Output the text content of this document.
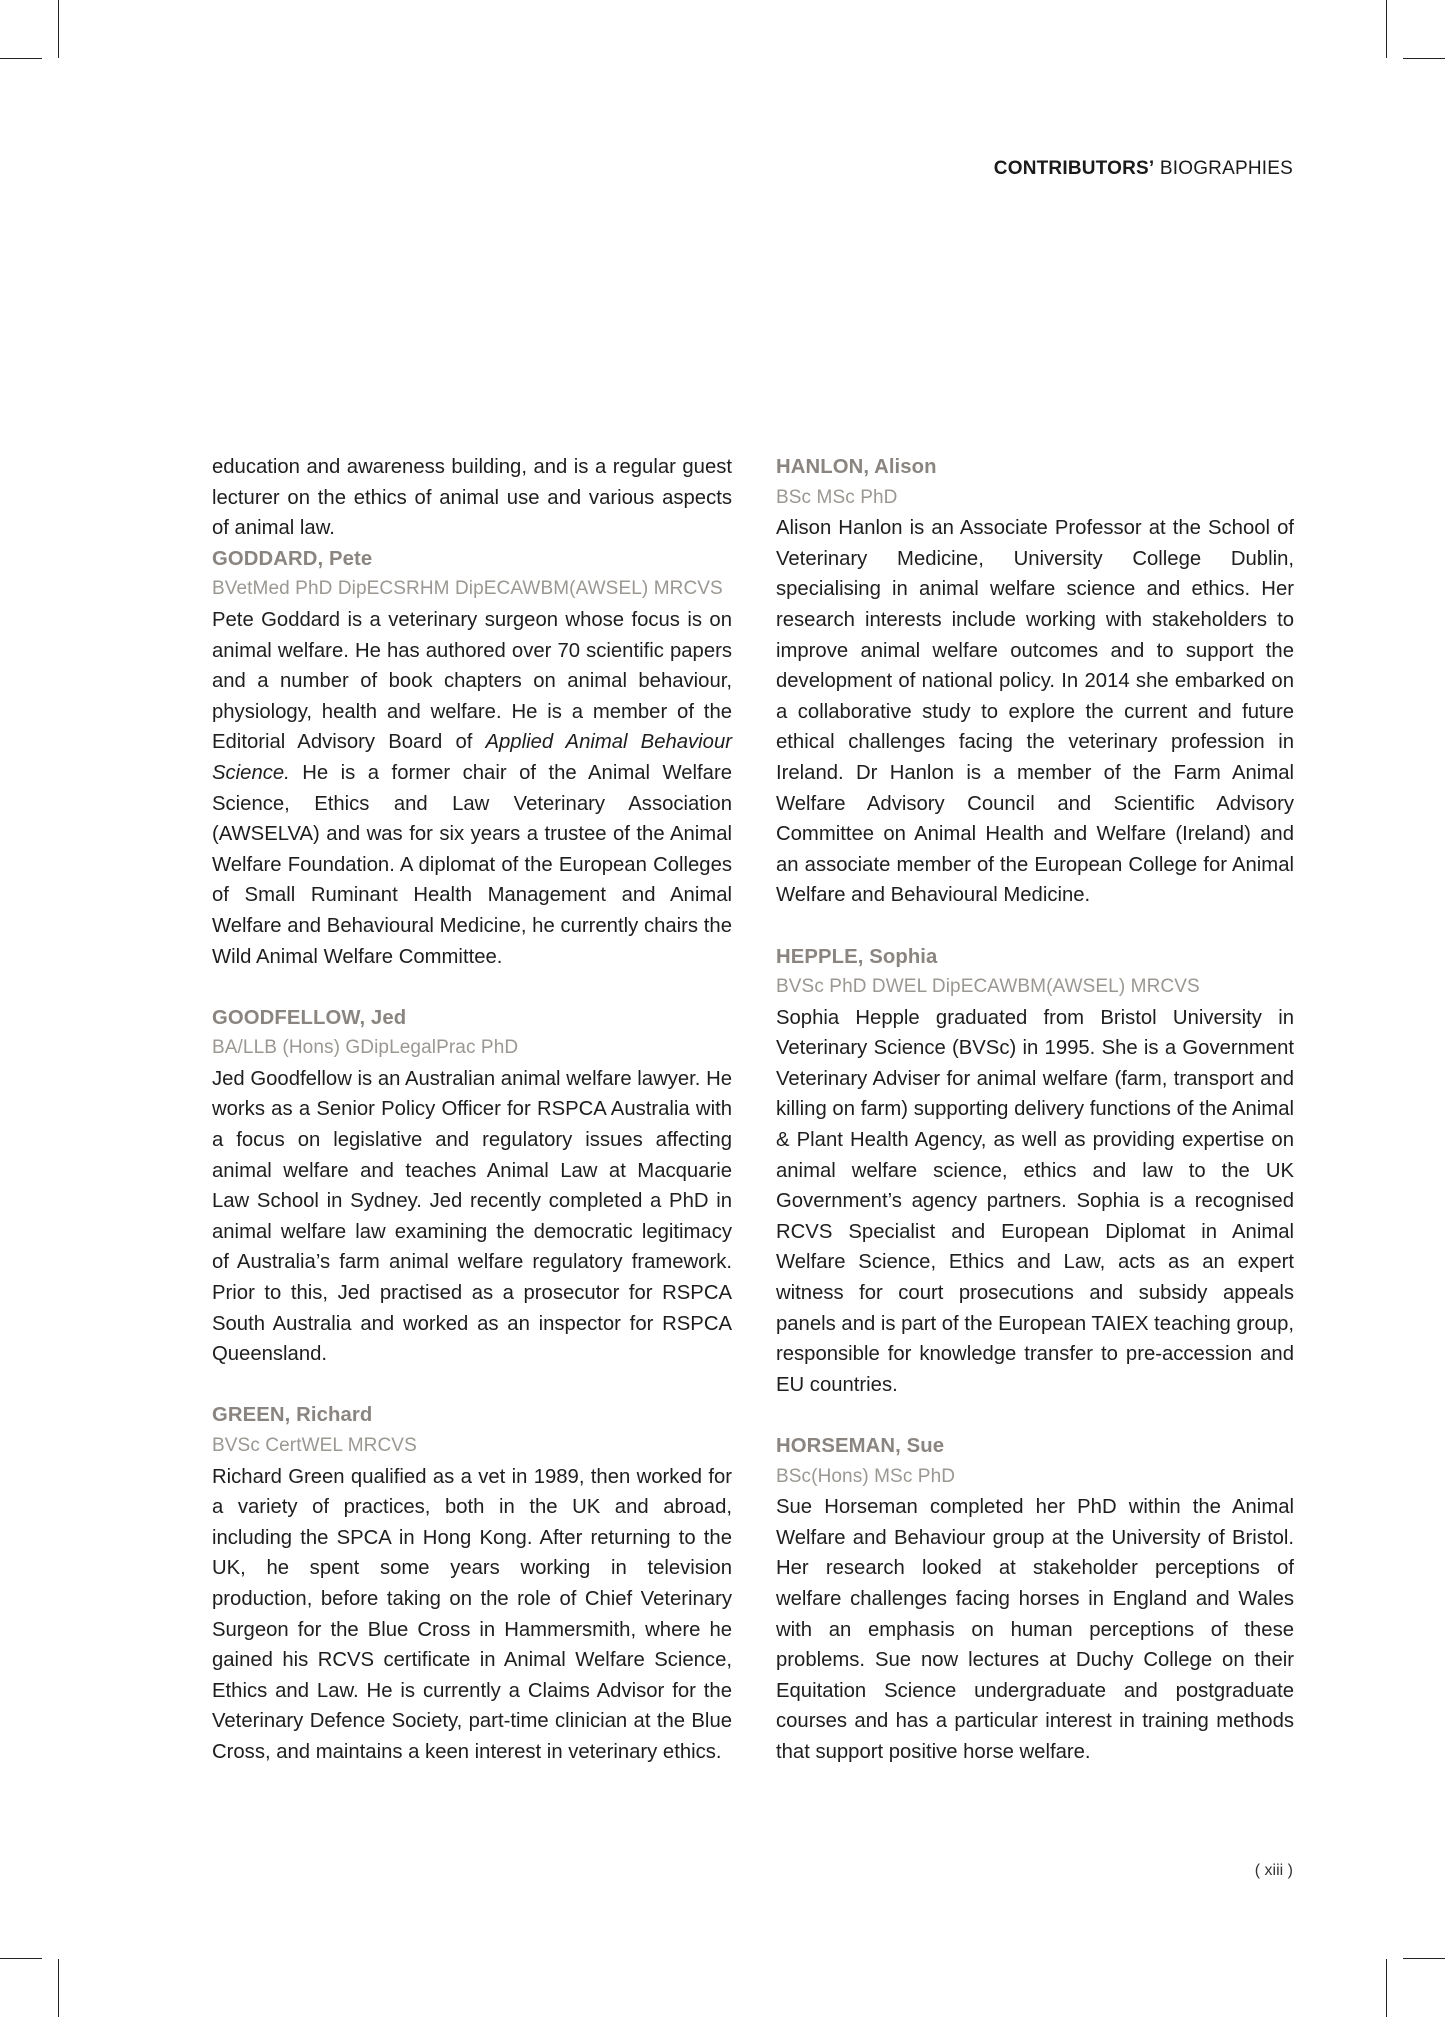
CONTRIBUTORS’ BIOGRAPHIES

education and awareness building, and is a regular guest lecturer on the ethics of animal use and various aspects of animal law.

GODDARD, Pete

BVetMed PhD DipECSRHM DipECAWBM(AWSEL) MRCVS

Pete Goddard is a veterinary surgeon whose focus is on animal welfare. He has authored over 70 scientific papers and a number of book chapters on animal behaviour, physiology, health and welfare. He is a member of the Editorial Advisory Board of Applied Animal Behaviour Science. He is a former chair of the Animal Welfare Science, Ethics and Law Veterinary Association (AWSELVA) and was for six years a trustee of the Animal Welfare Foundation. A diplomat of the European Colleges of Small Ruminant Health Management and Animal Welfare and Behavioural Medicine, he currently chairs the Wild Animal Welfare Committee.

GOODFELLOW, Jed

BA/LLB (Hons) GDipLegalPrac PhD

Jed Goodfellow is an Australian animal welfare lawyer. He works as a Senior Policy Officer for RSPCA Australia with a focus on legislative and regulatory issues affecting animal welfare and teaches Animal Law at Macquarie Law School in Sydney. Jed recently completed a PhD in animal welfare law examining the democratic legitimacy of Australia’s farm animal welfare regulatory framework. Prior to this, Jed practised as a prosecutor for RSPCA South Australia and worked as an inspector for RSPCA Queensland.

GREEN, Richard

BVSc CertWEL MRCVS

Richard Green qualified as a vet in 1989, then worked for a variety of practices, both in the UK and abroad, including the SPCA in Hong Kong. After returning to the UK, he spent some years working in television production, before taking on the role of Chief Veterinary Surgeon for the Blue Cross in Hammersmith, where he gained his RCVS certificate in Animal Welfare Science, Ethics and Law. He is currently a Claims Advisor for the Veterinary Defence Society, part-time clinician at the Blue Cross, and maintains a keen interest in veterinary ethics.

HANLON, Alison

BSc MSc PhD

Alison Hanlon is an Associate Professor at the School of Veterinary Medicine, University College Dublin, specialising in animal welfare science and ethics. Her research interests include working with stakeholders to improve animal welfare outcomes and to support the development of national policy. In 2014 she embarked on a collaborative study to explore the current and future ethical challenges facing the veterinary profession in Ireland. Dr Hanlon is a member of the Farm Animal Welfare Advisory Council and Scientific Advisory Committee on Animal Health and Welfare (Ireland) and an associate member of the European College for Animal Welfare and Behavioural Medicine.

HEPPLE, Sophia

BVSc PhD DWEL DipECAWBM(AWSEL) MRCVS

Sophia Hepple graduated from Bristol University in Veterinary Science (BVSc) in 1995. She is a Government Veterinary Adviser for animal welfare (farm, transport and killing on farm) supporting delivery functions of the Animal & Plant Health Agency, as well as providing expertise on animal welfare science, ethics and law to the UK Government’s agency partners. Sophia is a recognised RCVS Specialist and European Diplomat in Animal Welfare Science, Ethics and Law, acts as an expert witness for court prosecutions and subsidy appeals panels and is part of the European TAIEX teaching group, responsible for knowledge transfer to pre-accession and EU countries.

HORSEMAN, Sue

BSc(Hons) MSc PhD

Sue Horseman completed her PhD within the Animal Welfare and Behaviour group at the University of Bristol. Her research looked at stakeholder perceptions of welfare challenges facing horses in England and Wales with an emphasis on human perceptions of these problems. Sue now lectures at Duchy College on their Equitation Science undergraduate and postgraduate courses and has a particular interest in training methods that support positive horse welfare.

( xiii )
